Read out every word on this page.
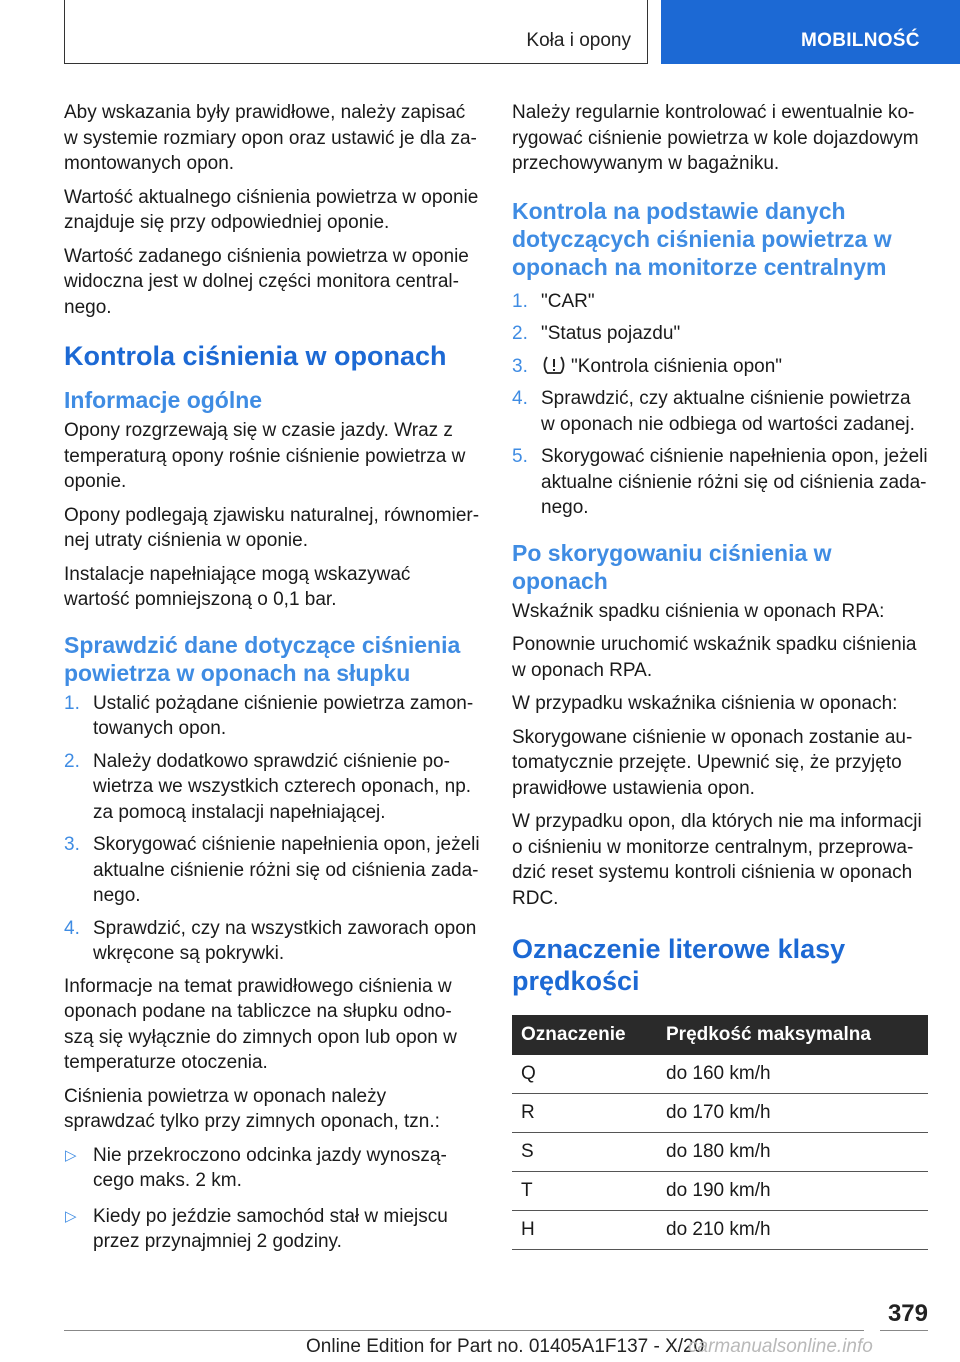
Koła i opony	MOBILNOŚĆ

Aby wskazania były prawidłowe, należy zapisać w systemie rozmiary opon oraz ustawić je dla za- montowanych opon.

Wartość aktualnego ciśnienia powietrza w oponie znajduje się przy odpowiedniej oponie.

Wartość zadanego ciśnienia powietrza w oponie widoczna jest w dolnej części monitora central- nego.

Kontrola ciśnienia w oponach
Informacje ogólne

Opony rozgrzewają się w czasie jazdy. Wraz z temperaturą opony rośnie ciśnienie powietrza w oponie.

Opony podlegają zjawisku naturalnej, równomier- nej utraty ciśnienia w oponie.

Instalacje napełniające mogą wskazywać wartość pomniejszoną o 0,1 bar.

Sprawdzić dane dotyczące ciśnienia powietrza w oponach na słupku
1. Ustalić pożądane ciśnienie powietrza zamon- towanych opon.
2. Należy dodatkowo sprawdzić ciśnienie po- wietrza we wszystkich czterech oponach, np. za pomocą instalacji napełniającej.
3. Skorygować ciśnienie napełnienia opon, jeżeli aktualne ciśnienie różni się od ciśnienia zada- nego.
4. Sprawdzić, czy na wszystkich zaworach opon wkręcone są pokrywki.

Informacje na temat prawidłowego ciśnienia w oponach podane na tabliczce na słupku odno- szą się wyłącznie do zimnych opon lub opon w temperaturze otoczenia.

Ciśnienia powietrza w oponach należy sprawdzać tylko przy zimnych oponach, tzn.:

▷ Nie przekroczono odcinka jazdy wynoszą- cego maks. 2 km.
▷ Kiedy po jeździe samochód stał w miejscu przez przynajmniej 2 godziny.

Należy regularnie kontrolować i ewentualnie ko- rygować ciśnienie powietrza w kole dojazdowym przechowywanym w bagażniku.

Kontrola na podstawie danych dotyczących ciśnienia powietrza w oponach na monitorze centralnym
1. "CAR"
2. "Status pojazdu"
3. "Kontrola ciśnienia opon"
4. Sprawdzić, czy aktualne ciśnienie powietrza w oponach nie odbiega od wartości zadanej.
5. Skorygować ciśnienie napełnienia opon, jeżeli aktualne ciśnienie różni się od ciśnienia zada- nego.
Po skorygowaniu ciśnienia w oponach

Wskaźnik spadku ciśnienia w oponach RPA:

Ponownie uruchomić wskaźnik spadku ciśnienia w oponach RPA.

W przypadku wskaźnika ciśnienia w oponach:

Skorygowane ciśnienie w oponach zostanie au- tomatycznie przejęte. Upewnić się, że przyjęto prawidłowe ustawienia opon.

W przypadku opon, dla których nie ma informacji o ciśnieniu w monitorze centralnym, przeprowa- dzić reset systemu kontroli ciśnienia w oponach RDC.

Oznaczenie literowe klasy prędkości
Oznaczenie	Prędkość maksymalna
Q	do 160 km/h
R	do 170 km/h
S	do 180 km/h
T	do 190 km/h
H	do 210 km/h
379
Online Edition for Part no. 01405A1F137 - X/20
carmanualsonline.info
